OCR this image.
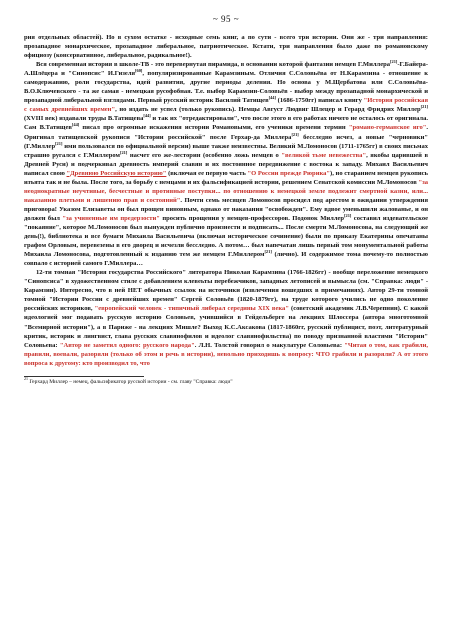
~ 95 ~

рия отдельных областей). Но в сухом остатке - исходные семь книг, а по сути - всего три истории. Они же - три направления: прозападное монархическое, прозападное либеральное, патриотическое. Кстати, три направления было даже по романовскому официозу (консервативное, либеральное, радикальное!).

Вся современная история в школе-ТВ - это перевернутая пирамида, в основании которой фантазии немцев Г.Миллера[21]-Г.Байера-А.Шлёцера и "Синопсис" И.Гизеля[60], популяризированные Карамзиным. Отличия С.Соловьёва от Н.Карамзина - отношение к самодержавию, роли государства, идей развития, другие периоды деления. Но основа у М.Щербатова или С.Соловьёва-В.О.Ключевского - та же самая - немецкая русофобная. Т.е. выбор Карамзин-Соловьёв - выбор между прозападной монархической и прозападной либеральной взглядами. Первый русский историк Василий Татищев[44] (1686-1750гг) написал книгу "История российская с самых древнейших времен", но издать не успел (только рукопись). Немцы Август Людвиг Шлецер и Герард Фридрих Миллер[21] (XVIII век) издавали труды В.Татищева[44] и так их "отредактировали", что после этого в его работах ничего не осталось от оригинала. Сам В.Татищев[44] писал про огромные искажения истории Романовыми, его ученики времени термин "романо-германское иго". Оригинал татищевской рукописи "Истории российской" после Герхар-да Миллера[21] бесследно исчез, а новые "черновики" (Г.Миллер[21] ими пользовался по официальной версии) выше также неизвестны. Великий М.Ломоносов (1711-1765гг) в своих письмах страшно ругался с Г.Миллером[21] насчет его же-лесторин (особенно ложь немцев о "великой тьме невежества", якобы царившей в Древней Руси) и подчеркивал древность империй славян и их постоянное передвижение с востока к западу. Михаил Васильевич написал свою "Древнюю Российскую историю" (включая ее первую часть "О России прежде Рюрика"), но старанием немцев рукопись изъята так и не была. После того, за борьбу с немцами и их фальсификацией истории, решением Сенатской комиссии М.Ломоносов "за неоднократные неучтивые, бесчестные и противные поступки... по отношению к немецкой земле подлежит смертной казни, или... наказанию плетьми и лишению прав и состояний". Почти семь месяцев Ломоносов просидел под арестом в ожидании утверждения приговора! Указом Елизаветы он был прощен виновным, однако от наказания "освобожден". Ему вдвое уменьшили жалованье, и он должен был "за учиненные им предерзости" просить прощения у немцев-профессоров. Подонок Миллер[21] составил издевательское "покаяние", которое М.Ломоносов был вынужден публично произнести и подписать... После смерти М.Ломоносова, на следующий же день(!), библиотека и все бумаги Михаила Васильевича (включая историческое сочинение) были по приказу Екатерины опечатаны графом Орловым, перевезены в его дворец и исчезли бесследно. А потом… был напечатан лишь первый том монументальной работы Михаила Ломоносова, подготовленный к изданию тем же немцем Г.Миллером[21] (лично). И содержимое тома почему-то полностью совпало с историей самого Г.Миллера…

12-ти томная "История государства Российского" литератора Николая Карамзина (1766-1826гг) - вообще переложение немецкого "Синопсиса" в художественном стиле с добавлением клевеьты перебежчиков, западных летописей и вымысла (см. "Справка: люди" - Карамзин). Интересно, что в ней НЕТ обычных ссылок на источники (извлечения вошедших в примечаниях). Автор 29-ти томной томной "Истории России с древнейших времен" Сергей Соловьёв (1820-1879гг), на труде которого учились не одно поколение российских историков, "европейский человек - типичный либерал середины XIX века" (советский академик Л.В.Черепнин). С какой идеологией мог подавать русскую историю Соловьев, учившийся в Гейдельберге на лекциях Шлоссера (автора многотомной "Всемирной истории"), а в Париже - на лекциях Мишле? Выход К.С.Аксакова (1817-1860гг, русский публицист, поэт, литературный критик, историк и лингвист, глава русских славянофилов и идеолог славянофильства) по поводу признанной властями "Истории" Соловьева: "Автор не заметил одного: русского народа". Л.Н. Толстой говорил о макулатуре Соловьева: "Читая о том, как грабили, правили, воевали, разоряли (только об этом и речь в истории), невольно приходишь к вопросу: ЧТО грабили и разоряли? А от этого вопроса к другому: кто производил то, что

$^{21}$ Герхард Миллер – немец, фальсификатор русской истории - см. главу "Справка: люди"
